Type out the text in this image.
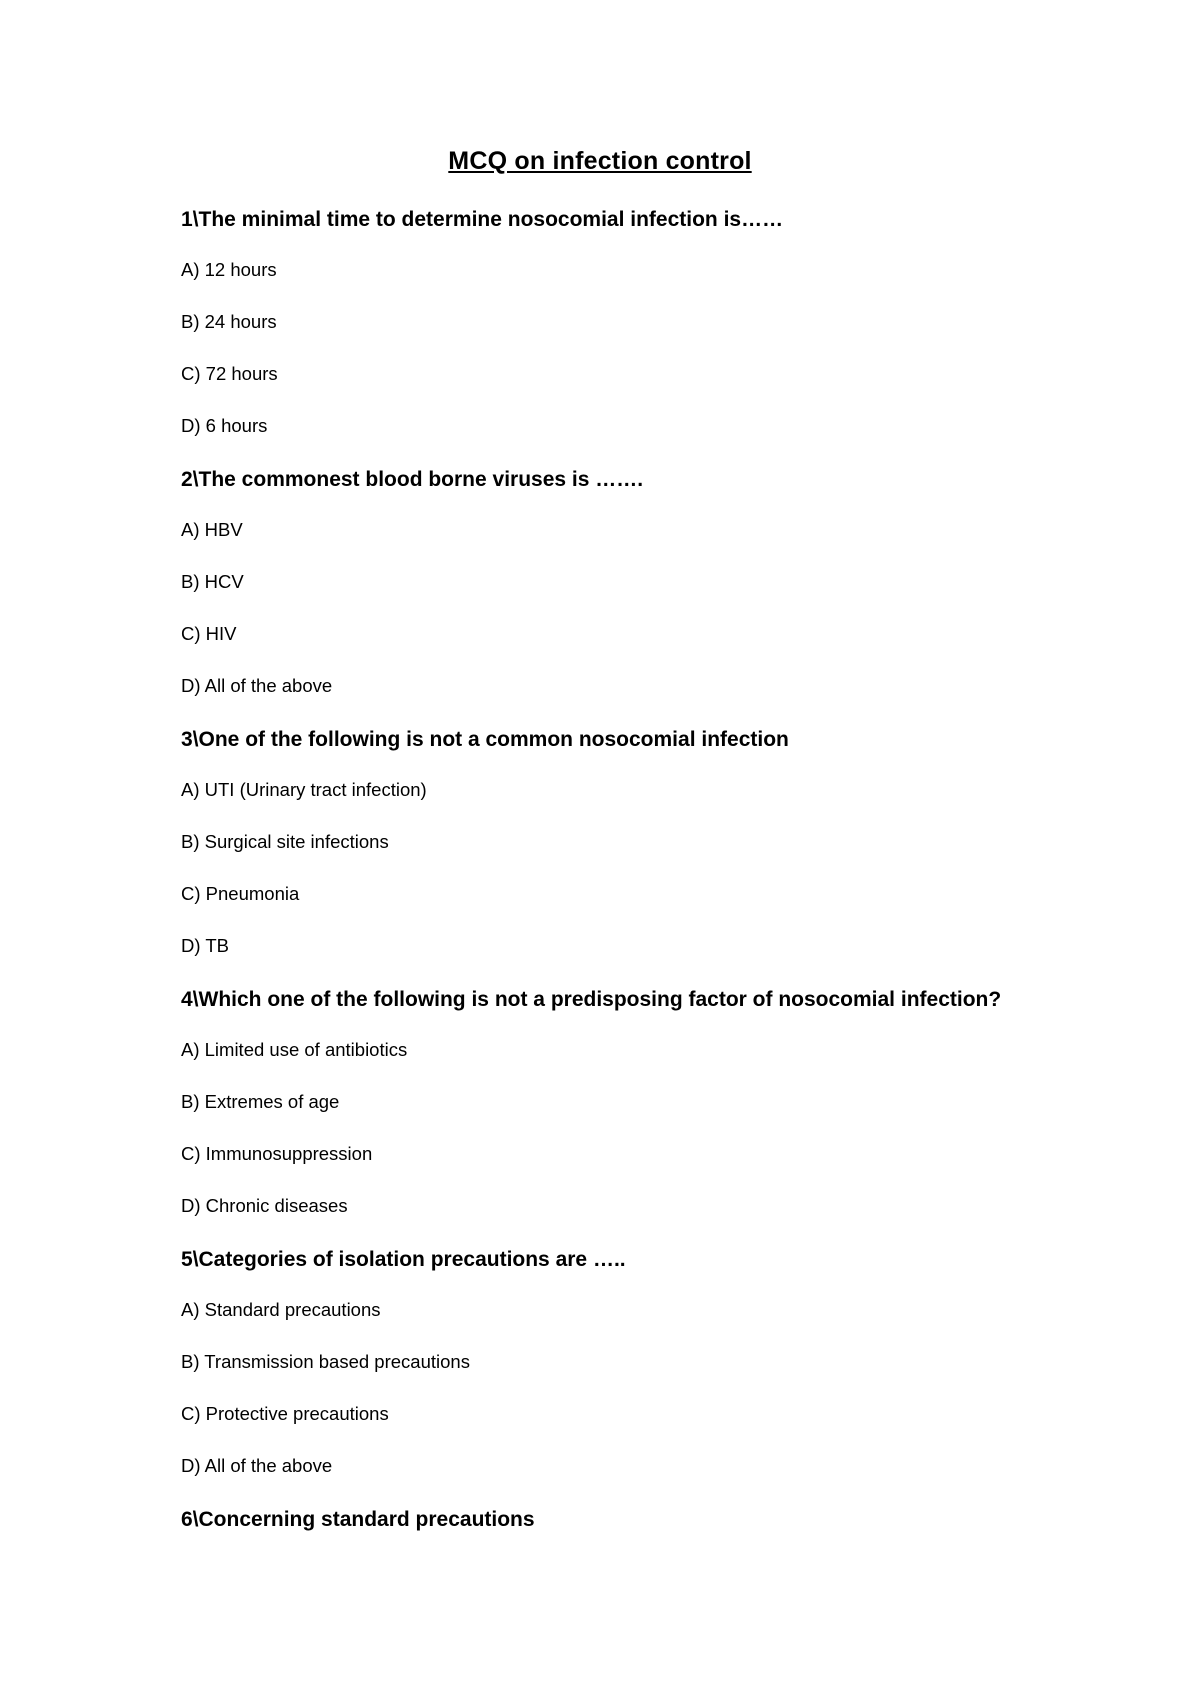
MCQ on infection control
1\The minimal time to determine nosocomial infection is……
A) 12 hours
B) 24 hours
C) 72 hours
D) 6 hours
2\The commonest blood borne viruses is …….
A) HBV
B) HCV
C) HIV
D) All of the above
3\One of the following is not a common nosocomial infection
A) UTI (Urinary tract infection)
B) Surgical site infections
C) Pneumonia
D) TB
4\Which one of the following is not a predisposing factor of nosocomial infection?
A) Limited use of antibiotics
B) Extremes of age
C) Immunosuppression
D) Chronic diseases
5\Categories of isolation precautions are …..
A) Standard precautions
B) Transmission based precautions
C) Protective precautions
D) All of the above
6\Concerning standard precautions
